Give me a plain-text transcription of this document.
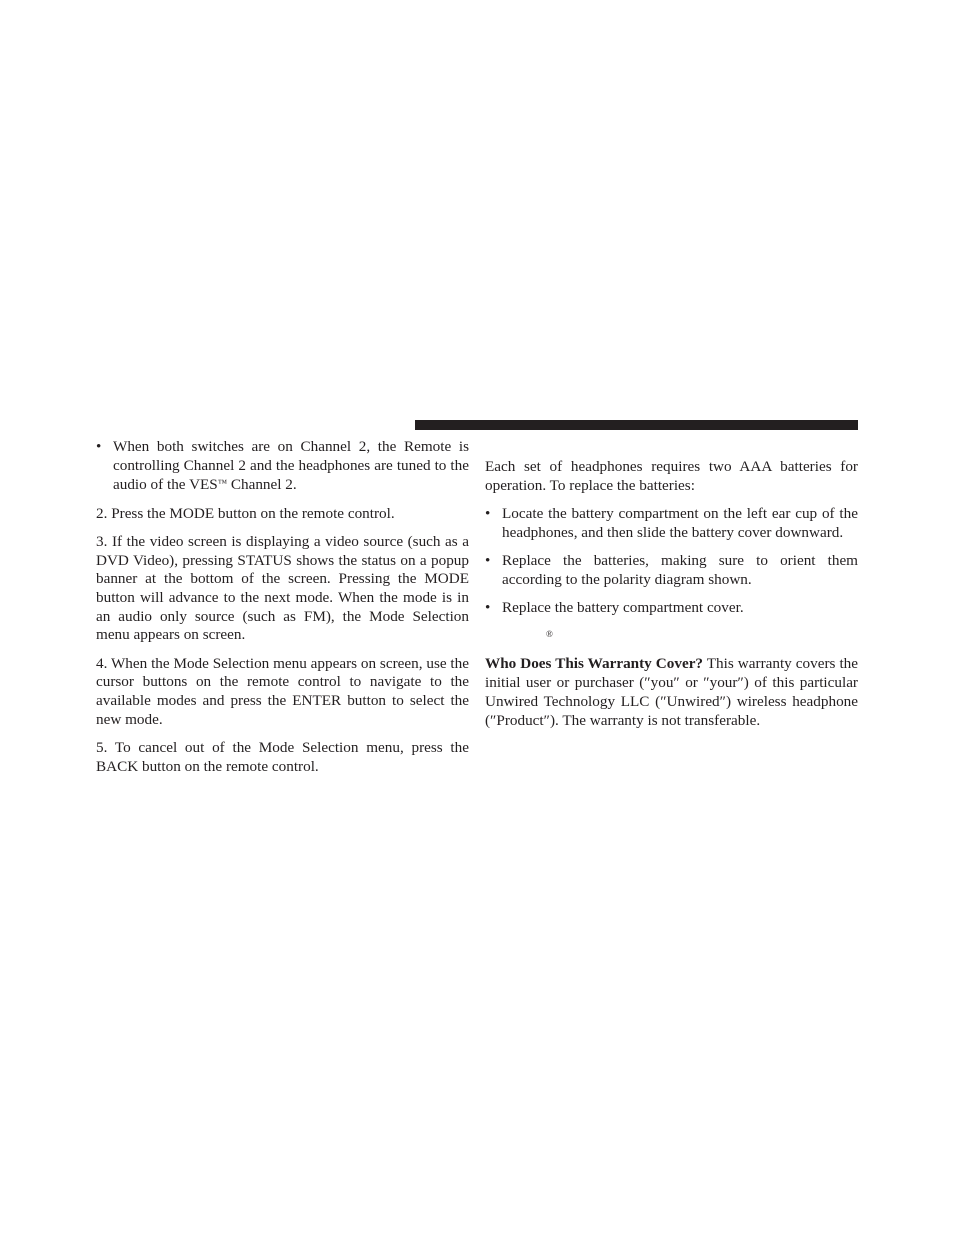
• When both switches are on Channel 2, the Remote is controlling Channel 2 and the headphones are tuned to the audio of the VES™ Channel 2.

2. Press the MODE button on the remote control.

3. If the video screen is displaying a video source (such as a DVD Video), pressing STATUS shows the status on a popup banner at the bottom of the screen. Pressing the MODE button will advance to the next mode. When the mode is in an audio only source (such as FM), the Mode Selection menu appears on screen.

4. When the Mode Selection menu appears on screen, use the cursor buttons on the remote control to navigate to the available modes and press the ENTER button to select the new mode.

5. To cancel out of the Mode Selection menu, press the BACK button on the remote control.

Each set of headphones requires two AAA batteries for operation. To replace the batteries:

• Locate the battery compartment on the left ear cup of the headphones, and then slide the battery cover downward.

• Replace the batteries, making sure to orient them according to the polarity diagram shown.

• Replace the battery compartment cover.

®

Who Does This Warranty Cover? This warranty covers the initial user or purchaser (″you″ or ″your″) of this particular Unwired Technology LLC (″Unwired″) wireless headphone (″Product″). The warranty is not transferable.
